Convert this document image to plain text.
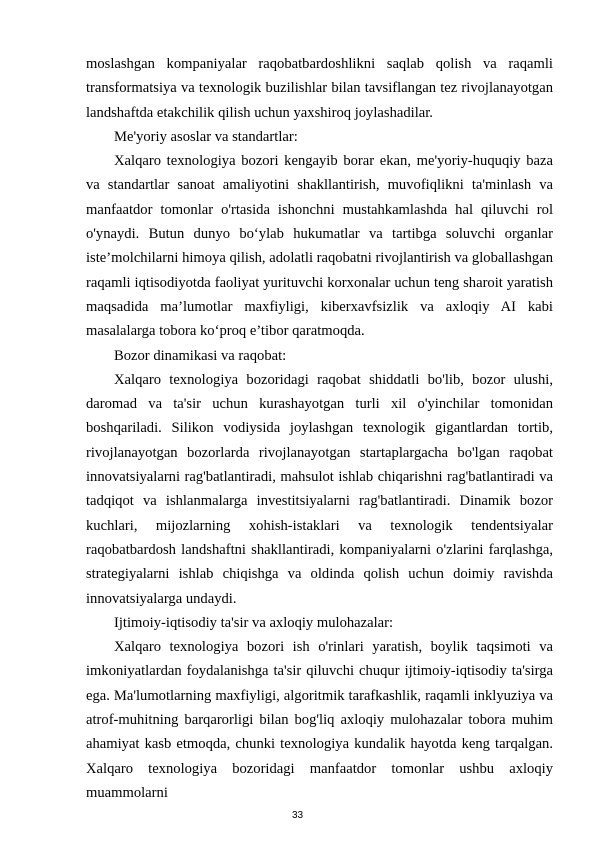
moslashgan kompaniyalar raqobatbardoshlikni saqlab qolish va raqamli transformatsiya va texnologik buzilishlar bilan tavsiflangan tez rivojlanayotgan landshaftda etakchilik qilish uchun yaxshiroq joylashadilar.

Me'yoriy asoslar va standartlar:

Xalqaro texnologiya bozori kengayib borar ekan, me'yoriy-huquqiy baza va standartlar sanoat amaliyotini shakllantirish, muvofiqlikni ta'minlash va manfaatdor tomonlar o'rtasida ishonchni mustahkamlashda hal qiluvchi rol o'ynaydi. Butun dunyo bo‘ylab hukumatlar va tartibga soluvchi organlar iste’molchilarni himoya qilish, adolatli raqobatni rivojlantirish va globallashgan raqamli iqtisodiyotda faoliyat yurituvchi korxonalar uchun teng sharoit yaratish maqsadida ma’lumotlar maxfiyligi, kiberxavfsizlik va axloqiy AI kabi masalalarga tobora ko‘proq e’tibor qaratmoqda.

Bozor dinamikasi va raqobat:

Xalqaro texnologiya bozoridagi raqobat shiddatli bo'lib, bozor ulushi, daromad va ta'sir uchun kurashayotgan turli xil o'yinchilar tomonidan boshqariladi. Silikon vodiysida joylashgan texnologik gigantlardan tortib, rivojlanayotgan bozorlarda rivojlanayotgan startaplargacha bo'lgan raqobat innovatsiyalarni rag'batlantiradi, mahsulot ishlab chiqarishni rag'batlantiradi va tadqiqot va ishlanmalarga investitsiyalarni rag'batlantiradi. Dinamik bozor kuchlari, mijozlarning xohish-istaklari va texnologik tendentsiyalar raqobatbardosh landshaftni shakllantiradi, kompaniyalarni o'zlarini farqlashga, strategiyalarni ishlab chiqishga va oldinda qolish uchun doimiy ravishda innovatsiyalarga undaydi.

Ijtimoiy-iqtisodiy ta'sir va axloqiy mulohazalar:

Xalqaro texnologiya bozori ish o'rinlari yaratish, boylik taqsimoti va imkoniyatlardan foydalanishga ta'sir qiluvchi chuqur ijtimoiy-iqtisodiy ta'sirga ega. Ma'lumotlarning maxfiyligi, algoritmik tarafkashlik, raqamli inklyuziya va atrof-muhitning barqarorligi bilan bog'liq axloqiy mulohazalar tobora muhim ahamiyat kasb etmoqda, chunki texnologiya kundalik hayotda keng tarqalgan. Xalqaro texnologiya bozoridagi manfaatdor tomonlar ushbu axloqiy muammolarni

33
